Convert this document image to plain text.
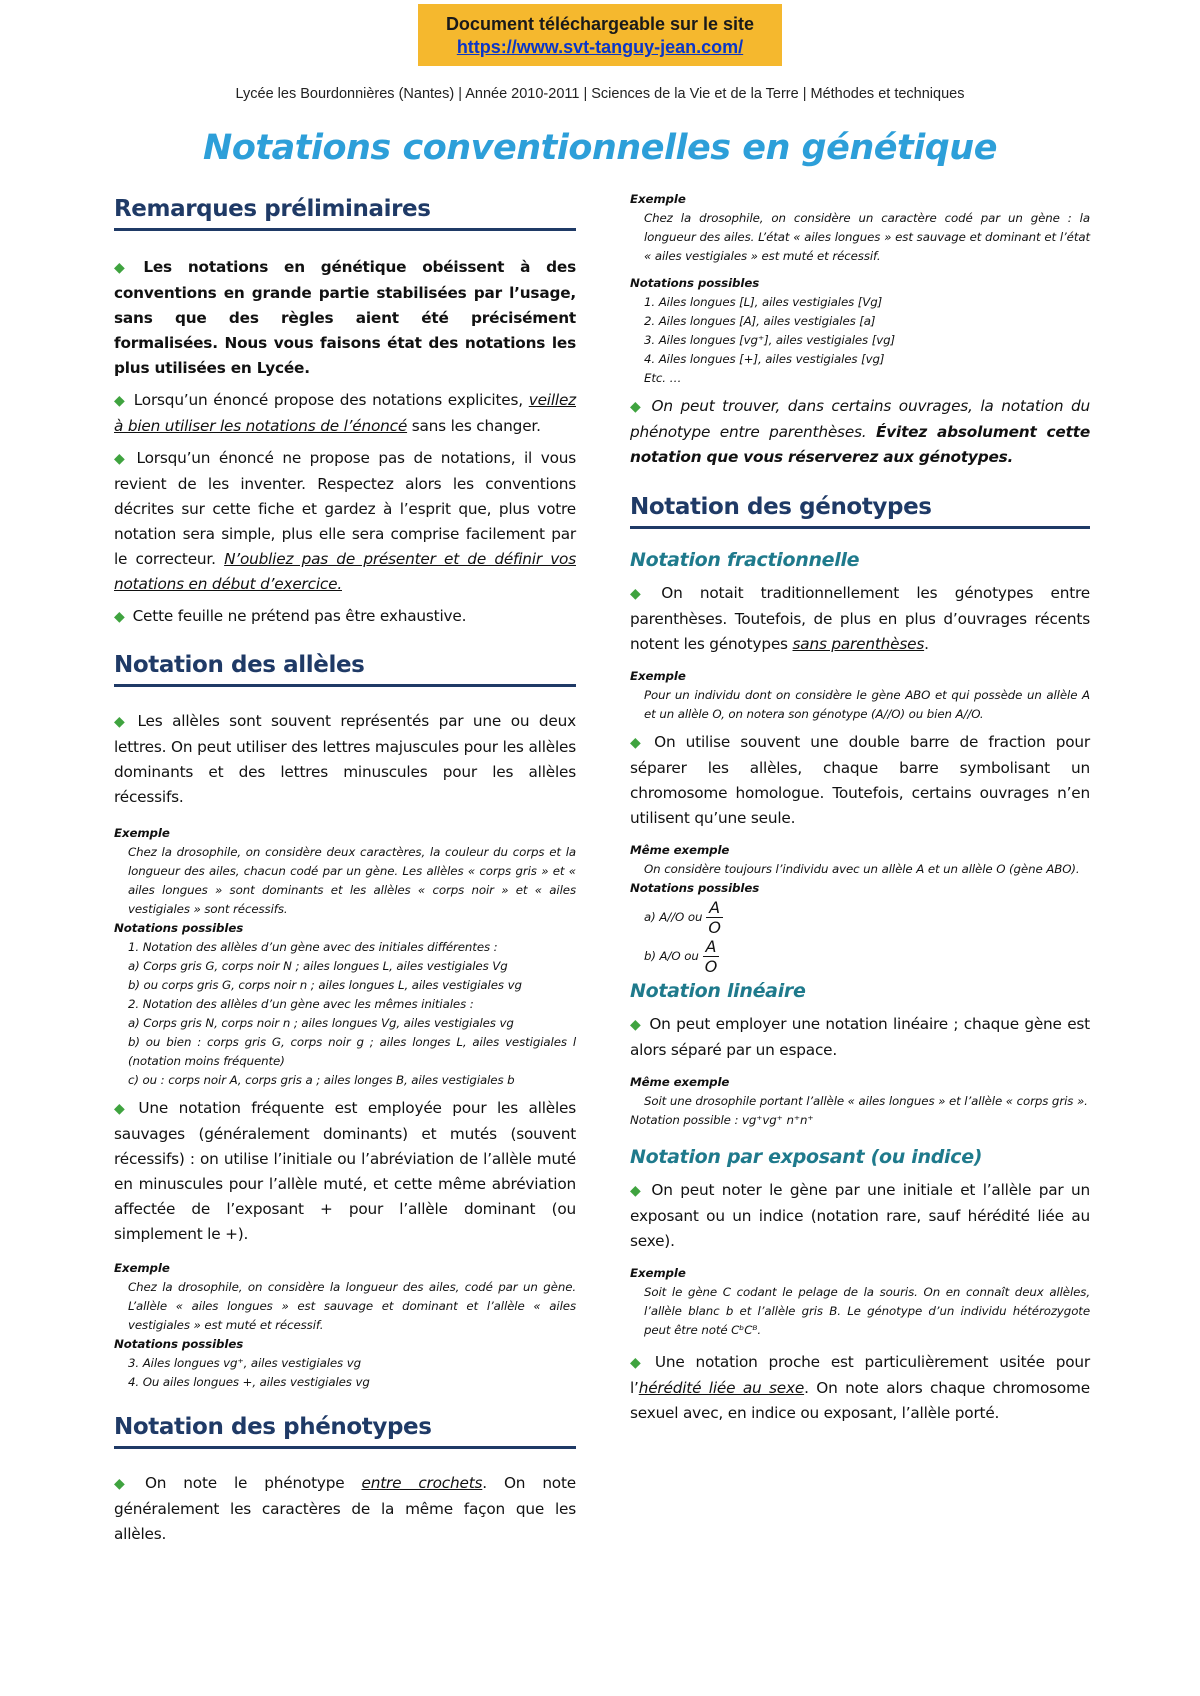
Document téléchargeable sur le site
https://www.svt-tanguy-jean.com/
Lycée les Bourdonnières (Nantes) | Année 2010-2011 | Sciences de la Vie et de la Terre | Méthodes et techniques
Notations conventionnelles en génétique
Remarques préliminaires

◆ Les notations en génétique obéissent à des conventions en grande partie stabilisées par l’usage, sans que des règles aient été précisément formalisées. Nous vous faisons état des notations les plus utilisées en Lycée.

◆ Lorsqu’un énoncé propose des notations explicites, veillez à bien utiliser les notations de l’énoncé sans les changer.

◆ Lorsqu’un énoncé ne propose pas de notations, il vous revient de les inventer. Respectez alors les conventions décrites sur cette fiche et gardez à l’esprit que, plus votre notation sera simple, plus elle sera comprise facilement par le correcteur. N’oubliez pas de présenter et de définir vos notations en début d’exercice.

◆ Cette feuille ne prétend pas être exhaustive.

Notation des allèles

◆ Les allèles sont souvent représentés par une ou deux lettres. On peut utiliser des lettres majuscules pour les allèles dominants et des lettres minuscules pour les allèles récessifs.

Exemple
Chez la drosophile, on considère deux caractères, la couleur du corps et la longueur des ailes, chacun codé par un gène. Les allèles « corps gris » et « ailes longues » sont dominants et les allèles « corps noir » et « ailes vestigiales » sont récessifs.
Notations possibles
1. Notation des allèles d’un gène avec des initiales différentes :
a) Corps gris G, corps noir N ; ailes longues L, ailes vestigiales Vg
b) ou corps gris G, corps noir n ; ailes longues L, ailes vestigiales vg
2. Notation des allèles d’un gène avec les mêmes initiales :
a) Corps gris N, corps noir n ; ailes longues Vg, ailes vestigiales vg
b) ou bien : corps gris G, corps noir g ; ailes longes L, ailes vestigiales l (notation moins fréquente)
c) ou : corps noir A, corps gris a ; ailes longes B, ailes vestigiales b

◆ Une notation fréquente est employée pour les allèles sauvages (généralement dominants) et mutés (souvent récessifs) : on utilise l’initiale ou l’abréviation de l’allèle muté en minuscules pour l’allèle muté, et cette même abréviation affectée de l’exposant + pour l’allèle dominant (ou simplement le +).

Exemple
Chez la drosophile, on considère la longueur des ailes, codé par un gène. L’allèle « ailes longues » est sauvage et dominant et l’allèle « ailes vestigiales » est muté et récessif.
Notations possibles
3. Ailes longues vg⁺, ailes vestigiales vg
4. Ou ailes longues +, ailes vestigiales vg
Notation des phénotypes

◆ On note le phénotype entre crochets. On note généralement les caractères de la même façon que les allèles.

Exemple
Chez la drosophile, on considère un caractère codé par un gène : la longueur des ailes. L’état « ailes longues » est sauvage et dominant et l’état « ailes vestigiales » est muté et récessif.
Notations possibles
1. Ailes longues [L], ailes vestigiales [Vg]
2. Ailes longues [A], ailes vestigiales [a]
3. Ailes longues [vg⁺], ailes vestigiales [vg]
4. Ailes longues [+], ailes vestigiales [vg]
Etc. …

◆ On peut trouver, dans certains ouvrages, la notation du phénotype entre parenthèses. Évitez absolument cette notation que vous réserverez aux génotypes.

Notation des génotypes
Notation fractionnelle

◆ On notait traditionnellement les génotypes entre parenthèses. Toutefois, de plus en plus d’ouvrages récents notent les génotypes sans parenthèses.

Exemple
Pour un individu dont on considère le gène ABO et qui possède un allèle A et un allèle O, on notera son génotype (A//O) ou bien A//O.

◆ On utilise souvent une double barre de fraction pour séparer les allèles, chaque barre symbolisant un chromosome homologue. Toutefois, certains ouvrages n’en utilisent qu’une seule.

Même exemple
On considère toujours l’individu avec un allèle A et un allèle O (gène ABO).
Notations possibles
a) A//O ou $\frac{A}{O}$
b) A/O ou $\frac{A}{O}$
Notation linéaire

◆ On peut employer une notation linéaire ; chaque gène est alors séparé par un espace.

Même exemple
Soit une drosophile portant l’allèle « ailes longues » et l’allèle « corps gris ».
Notation possible : vg⁺vg⁺ n⁺n⁺
Notation par exposant (ou indice)

◆ On peut noter le gène par une initiale et l’allèle par un exposant ou un indice (notation rare, sauf hérédité liée au sexe).

Exemple
Soit le gène C codant le pelage de la souris. On en connaît deux allèles, l’allèle blanc b et l’allèle gris B. Le génotype d’un individu hétérozygote peut être noté CᵇCᴮ.

◆ Une notation proche est particulièrement usitée pour l’hérédité liée au sexe. On note alors chaque chromosome sexuel avec, en indice ou exposant, l’allèle porté.
